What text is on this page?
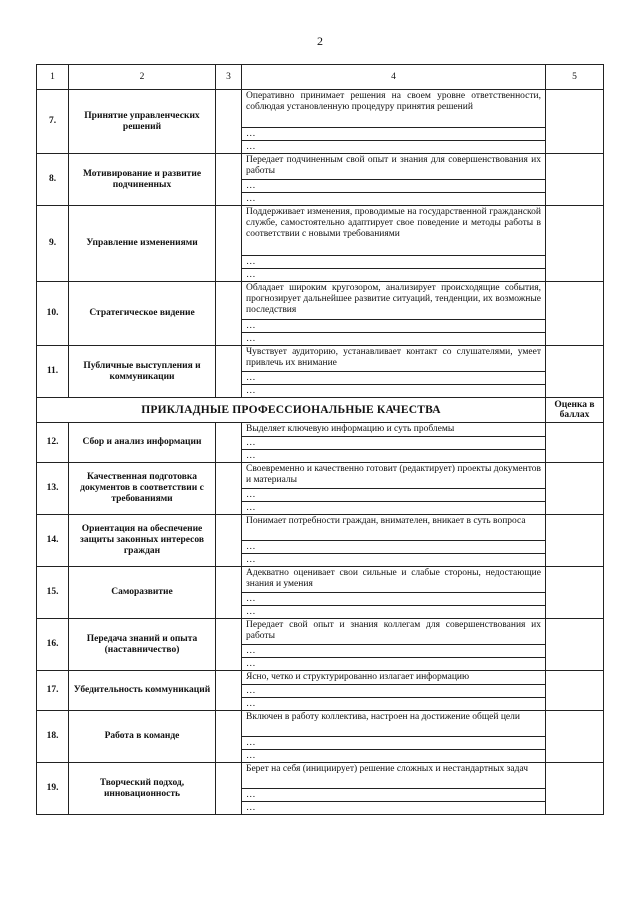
2
1	2	3	4	5
7.	Принятие управленческих решений		Оперативно принимает решения на своем уровне ответственности, соблюдая установленную процедуру принятия решений	
			…	
			…	
8.	Мотивирование и развитие подчиненных		Передает подчиненным свой опыт и знания для совершенствования их работы	
			…	
			…	
9.	Управление изменениями		Поддерживает изменения, проводимые на государственной гражданской службе, самостоятельно адаптирует свое поведение и методы работы в соответствии с новыми требованиями	
			…	
			…	
10.	Стратегическое видение		Обладает широким кругозором, анализирует происходящие события, прогнозирует дальнейшее развитие ситуаций, тенденции, их возможные последствия	
			…	
			…	
11.	Публичные выступления и коммуникации		Чувствует аудиторию, устанавливает контакт со слушателями, умеет привлечь их внимание	
			…	
			…	
ПРИКЛАДНЫЕ ПРОФЕССИОНАЛЬНЫЕ КАЧЕСТВА				Оценка в баллах
12.	Сбор и анализ информации		Выделяет ключевую информацию и суть проблемы	
			…	
			…	
13.	Качественная подготовка документов в соответствии с требованиями		Своевременно и качественно готовит (редактирует) проекты документов и материалы	
			…	
			…	
14.	Ориентация на обеспечение защиты законных интересов граждан		Понимает потребности граждан, внимателен, вникает в суть вопроса	
			…	
			…	
15.	Саморазвитие		Адекватно оценивает свои сильные и слабые стороны, недостающие знания и умения	
			…	
			…	
16.	Передача знаний и опыта (наставничество)		Передает свой опыт и знания коллегам для совершенствования их работы	
			…	
			…	
17.	Убедительность коммуникаций		Ясно, четко и структурированно излагает информацию	
			…	
			…	
18.	Работа в команде		Включен в работу коллектива, настроен на достижение общей цели	
			…	
			…	
19.	Творческий подход, инновационность		Берет на себя (инициирует) решение сложных и нестандартных задач	
			…	
			…	
